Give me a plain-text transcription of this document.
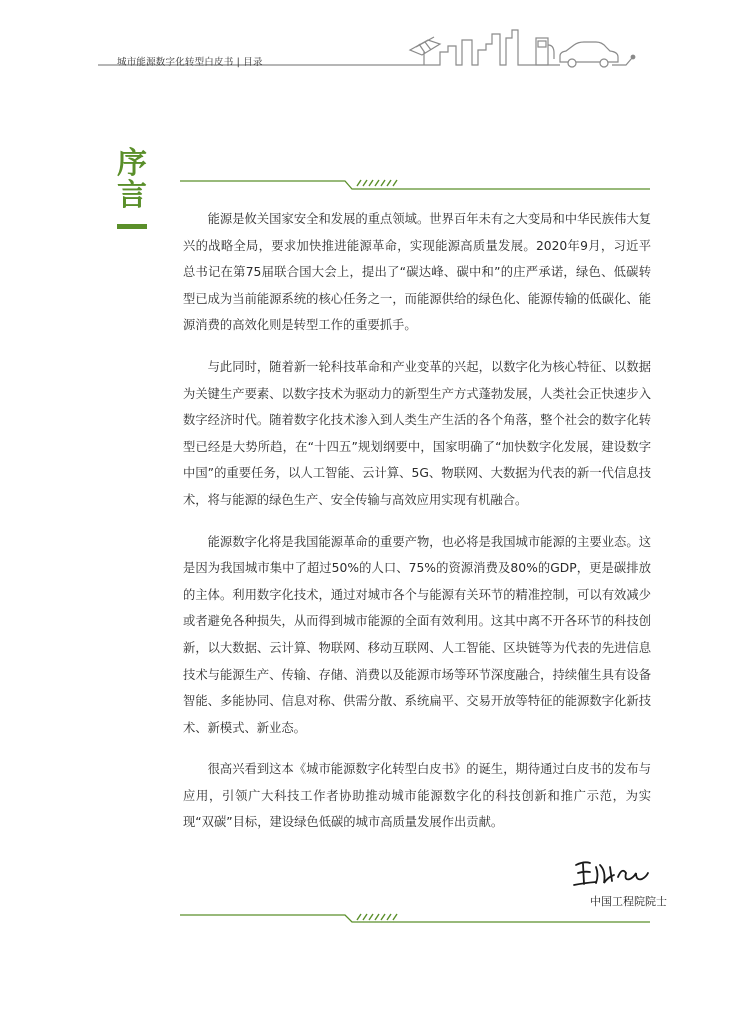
城市能源数字化转型白皮书 | 目录
序
言

能源是攸关国家安全和发展的重点领域。世界百年未有之大变局和中华民族伟大复兴的战略全局，要求加快推进能源革命，实现能源高质量发展。2020年9月，习近平总书记在第75届联合国大会上，提出了“碳达峰、碳中和”的庄严承诺，绿色、低碳转型已成为当前能源系统的核心任务之一，而能源供给的绿色化、能源传输的低碳化、能源消费的高效化则是转型工作的重要抓手。

与此同时，随着新一轮科技革命和产业变革的兴起，以数字化为核心特征、以数据为关键生产要素、以数字技术为驱动力的新型生产方式蓬勃发展，人类社会正快速步入数字经济时代。随着数字化技术渗入到人类生产生活的各个角落，整个社会的数字化转型已经是大势所趋，在“十四五”规划纲要中，国家明确了“加快数字化发展，建设数字中国”的重要任务，以人工智能、云计算、5G、物联网、大数据为代表的新一代信息技术，将与能源的绿色生产、安全传输与高效应用实现有机融合。

能源数字化将是我国能源革命的重要产物，也必将是我国城市能源的主要业态。这是因为我国城市集中了超过50%的人口、75%的资源消费及80%的GDP，更是碳排放的主体。利用数字化技术，通过对城市各个与能源有关环节的精准控制，可以有效减少或者避免各种损失，从而得到城市能源的全面有效利用。这其中离不开各环节的科技创新，以大数据、云计算、物联网、移动互联网、人工智能、区块链等为代表的先进信息技术与能源生产、传输、存储、消费以及能源市场等环节深度融合，持续催生具有设备智能、多能协同、信息对称、供需分散、系统扁平、交易开放等特征的能源数字化新技术、新模式、新业态。

很高兴看到这本《城市能源数字化转型白皮书》的诞生，期待通过白皮书的发布与应用，引领广大科技工作者协助推动城市能源数字化的科技创新和推广示范，为实现“双碳”目标，建设绿色低碳的城市高质量发展作出贡献。

中国工程院院士
